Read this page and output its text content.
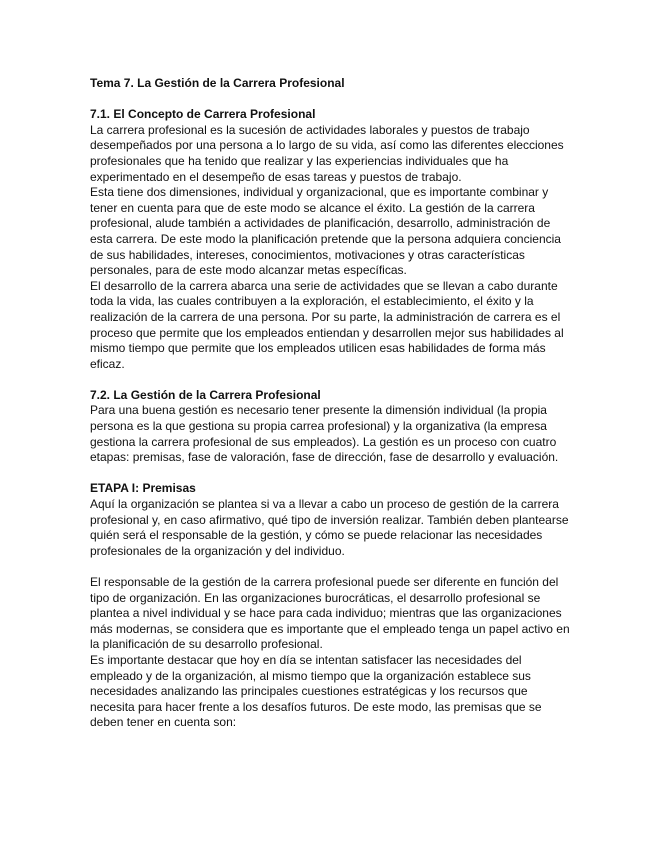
Tema 7. La Gestión de la Carrera Profesional

7.1. El Concepto de Carrera Profesional

La carrera profesional es la sucesión de actividades laborales y puestos de trabajo desempeñados por una persona a lo largo de su vida, así como las diferentes elecciones profesionales que ha tenido que realizar y las experiencias individuales que ha experimentado en el desempeño de esas tareas y puestos de trabajo.

Esta tiene dos dimensiones, individual y organizacional, que es importante combinar y tener en cuenta para que de este modo se alcance el éxito. La gestión de la carrera profesional, alude también a actividades de planificación, desarrollo, administración de esta carrera. De este modo la planificación pretende que la persona adquiera conciencia de sus habilidades, intereses, conocimientos, motivaciones y otras características personales, para de este modo alcanzar metas específicas.

El desarrollo de la carrera abarca una serie de actividades que se llevan a cabo durante toda la vida, las cuales contribuyen a la exploración, el establecimiento, el éxito y la realización de la carrera de una persona. Por su parte, la administración de carrera es el proceso que permite que los empleados entiendan y desarrollen mejor sus habilidades al mismo tiempo que permite que los empleados utilicen esas habilidades de forma más eficaz.

7.2. La Gestión de la Carrera Profesional

Para una buena gestión es necesario tener presente la dimensión individual (la propia persona es la que gestiona su propia carrea profesional) y la organizativa (la empresa gestiona la carrera profesional de sus empleados). La gestión es un proceso con cuatro etapas: premisas, fase de valoración, fase de dirección, fase de desarrollo y evaluación.

ETAPA I: Premisas

Aquí la organización se plantea si va a llevar a cabo un proceso de gestión de la carrera profesional y, en caso afirmativo, qué tipo de inversión realizar. También deben plantearse quién será el responsable de la gestión, y cómo se puede relacionar las necesidades profesionales de la organización y del individuo.

El responsable de la gestión de la carrera profesional puede ser diferente en función del tipo de organización. En las organizaciones burocráticas, el desarrollo profesional se plantea a nivel individual y se hace para cada individuo; mientras que las organizaciones más modernas, se considera que es importante que el empleado tenga un papel activo en la planificación de su desarrollo profesional.

Es importante destacar que hoy en día se intentan satisfacer las necesidades del empleado y de la organización, al mismo tiempo que la organización establece sus necesidades analizando las principales cuestiones estratégicas y los recursos que necesita para hacer frente a los desafíos futuros. De este modo, las premisas que se deben tener en cuenta son:
